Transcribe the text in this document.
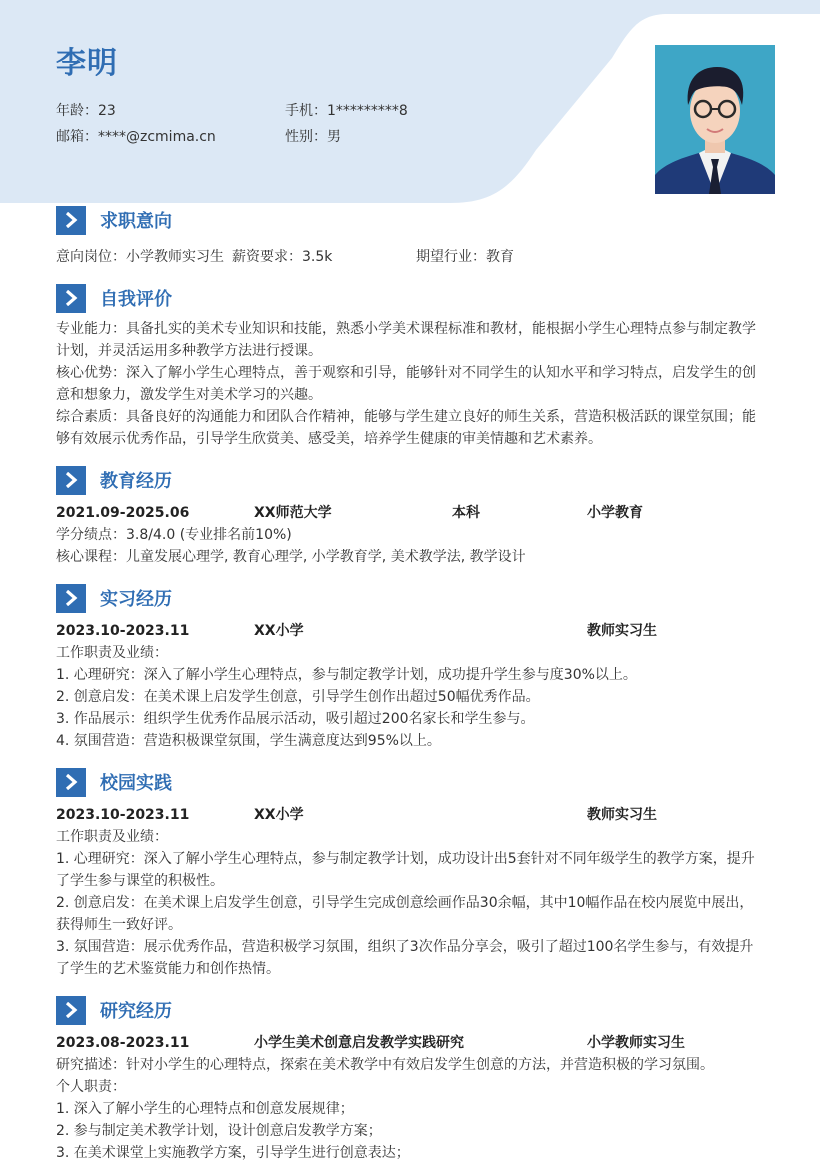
李明
年龄：23	手机：1*********8
邮箱：****@zcmima.cn	性别：男
求职意向
意向岗位：小学教师实习生 薪资要求：3.5k	期望行业：教育
自我评价
专业能力：具备扎实的美术专业知识和技能，熟悉小学美术课程标准和教材，能根据小学生心理特点参与制定教学计划，并灵活运用多种教学方法进行授课。
核心优势：深入了解小学生心理特点，善于观察和引导，能够针对不同学生的认知水平和学习特点，启发学生的创意和想象力，激发学生对美术学习的兴趣。
综合素质：具备良好的沟通能力和团队合作精神，能够与学生建立良好的师生关系，营造积极活跃的课堂氛围；能够有效展示优秀作品，引导学生欣赏美、感受美，培养学生健康的审美情趣和艺术素养。
教育经历
2021.09-2025.06	XX师范大学	本科	小学教育
学分绩点：3.8/4.0 (专业排名前10%)
核心课程：儿童发展心理学, 教育心理学, 小学教育学, 美术教学法, 教学设计
实习经历
2023.10-2023.11	XX小学	教师实习生
工作职责及业绩：
1. 心理研究：深入了解小学生心理特点，参与制定教学计划，成功提升学生参与度30%以上。
2. 创意启发：在美术课上启发学生创意，引导学生创作出超过50幅优秀作品。
3. 作品展示：组织学生优秀作品展示活动，吸引超过200名家长和学生参与。
4. 氛围营造：营造积极课堂氛围，学生满意度达到95%以上。
校园实践
2023.10-2023.11	XX小学	教师实习生
工作职责及业绩：
1. 心理研究：深入了解小学生心理特点，参与制定教学计划，成功设计出5套针对不同年级学生的教学方案，提升了学生参与课堂的积极性。
2. 创意启发：在美术课上启发学生创意，引导学生完成创意绘画作品30余幅，其中10幅作品在校内展览中展出，获得师生一致好评。
3. 氛围营造：展示优秀作品，营造积极学习氛围，组织了3次作品分享会，吸引了超过100名学生参与，有效提升了学生的艺术鉴赏能力和创作热情。
研究经历
2023.08-2023.11	小学生美术创意启发教学实践研究	小学教师实习生
研究描述：针对小学生的心理特点，探索在美术教学中有效启发学生创意的方法，并营造积极的学习氛围。
个人职责：
1. 深入了解小学生的心理特点和创意发展规律；
2. 参与制定美术教学计划，设计创意启发教学方案；
3. 在美术课堂上实施教学方案，引导学生进行创意表达；
